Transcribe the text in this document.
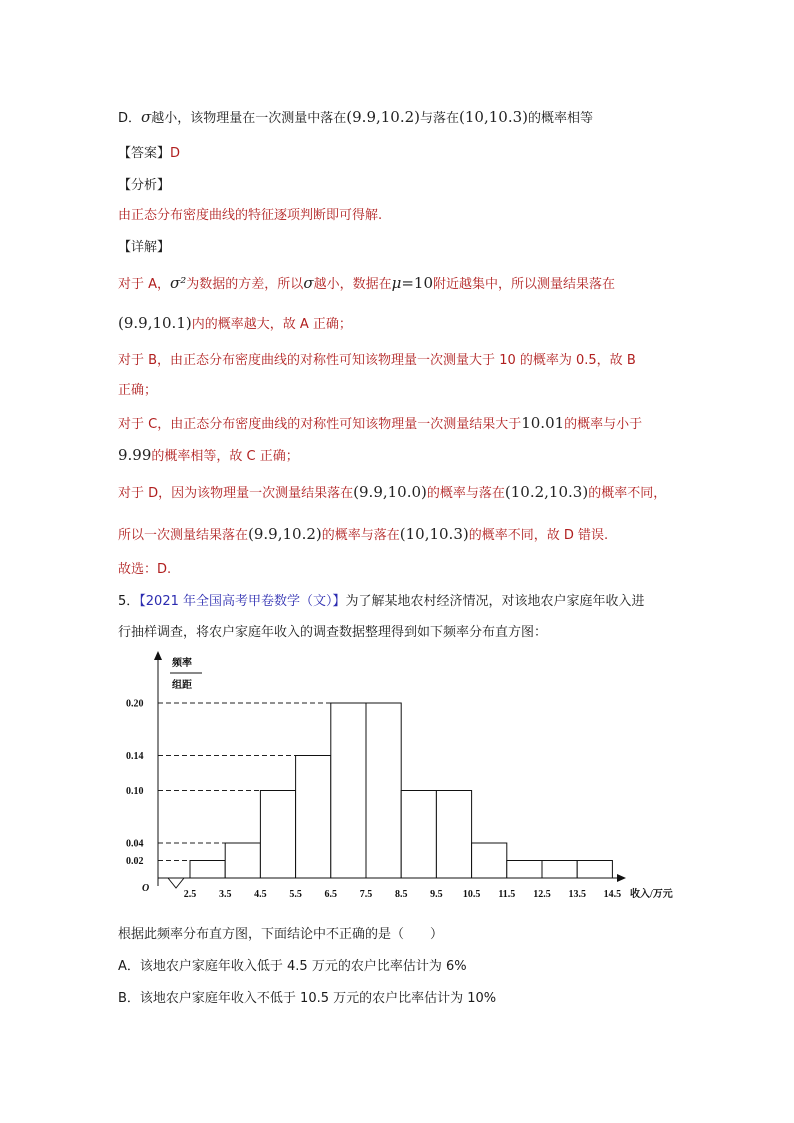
D．σ越小，该物理量在一次测量中落在(9.9,10.2)与落在(10,10.3)的概率相等
【答案】D
【分析】
由正态分布密度曲线的特征逐项判断即可得解.
【详解】
对于 A，σ²为数据的方差，所以σ越小，数据在μ=10附近越集中，所以测量结果落在
(9.9,10.1)内的概率越大，故 A 正确；
对于 B，由正态分布密度曲线的对称性可知该物理量一次测量大于 10 的概率为 0.5，故 B
正确；
对于 C，由正态分布密度曲线的对称性可知该物理量一次测量结果大于10.01的概率与小于
9.99的概率相等，故 C 正确；
对于 D，因为该物理量一次测量结果落在(9.9,10.0)的概率与落在(10.2,10.3)的概率不同，
所以一次测量结果落在(9.9,10.2)的概率与落在(10,10.3)的概率不同，故 D 错误.
故选：D.
5．【2021 年全国高考甲卷数学（文）】为了解某地农村经济情况，对该地农户家庭年收入进
行抽样调查，将农户家庭年收入的调查数据整理得到如下频率分布直方图：
频率
组距
O
收入/万元
0.02
0.04
0.10
0.14
0.20
2.5 3.5 4.5 5.5 6.5 7.5 8.5 9.5 10.5 11.5 12.5 13.5 14.5
根据此频率分布直方图，下面结论中不正确的是（　　）
A．该地农户家庭年收入低于 4.5 万元的农户比率估计为 6%
B．该地农户家庭年收入不低于 10.5 万元的农户比率估计为 10%
